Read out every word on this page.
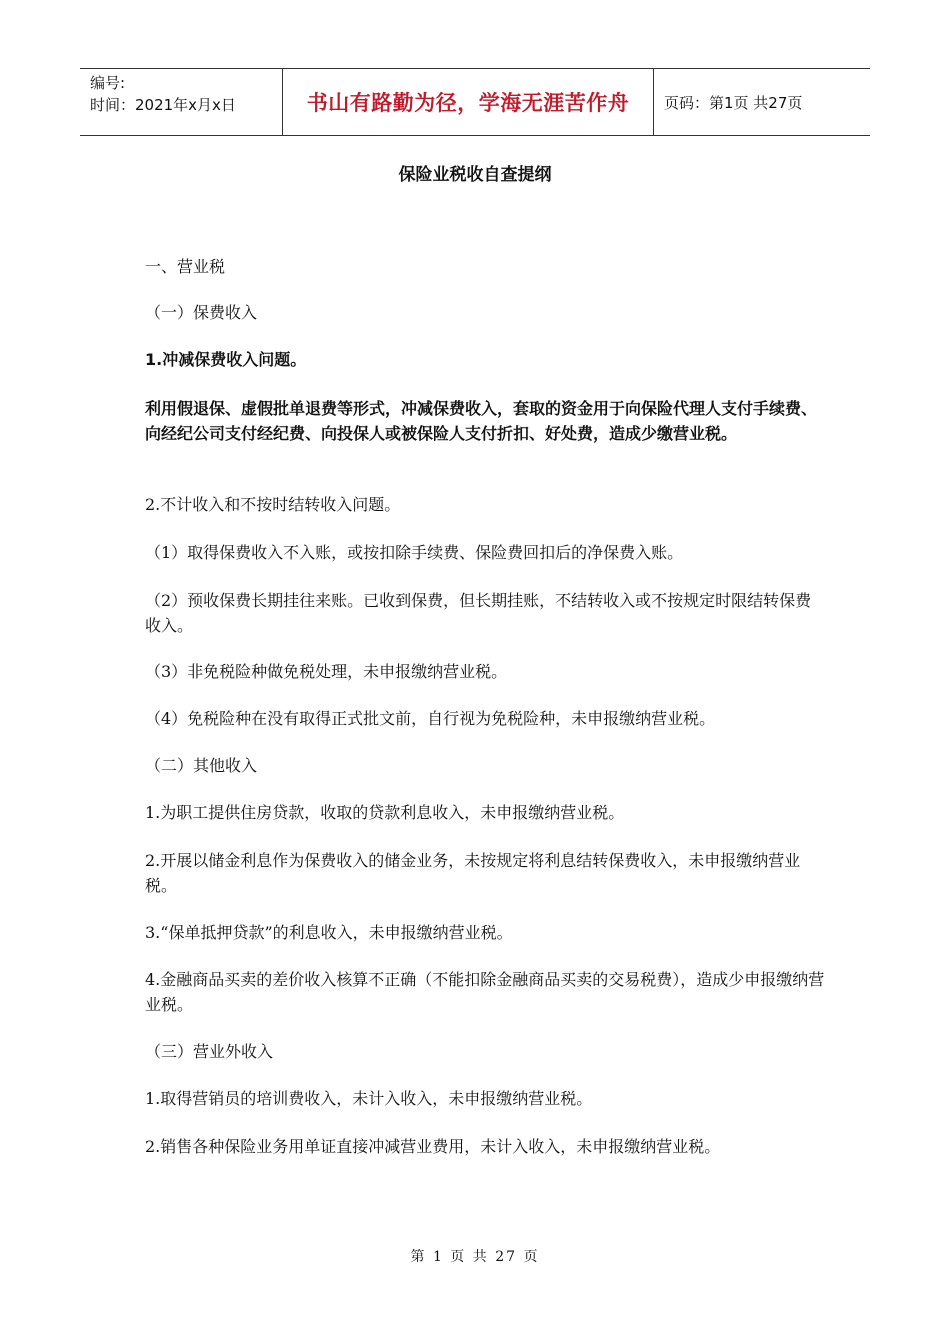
编号:
时间：2021年x月x日	书山有路勤为径，学海无涯苦作舟 页码：第1页 共27页
保险业税收自查提纲

一、营业税

（一）保费收入

1.冲减保费收入问题。

利用假退保、虚假批单退费等形式，冲减保费收入，套取的资金用于向保险代理人支付手续费、向经纪公司支付经纪费、向投保人或被保险人支付折扣、好处费，造成少缴营业税。

2.不计收入和不按时结转收入问题。

（1）取得保费收入不入账，或按扣除手续费、保险费回扣后的净保费入账。

（2）预收保费长期挂往来账。已收到保费，但长期挂账，不结转收入或不按规定时限结转保费收入。

（3）非免税险种做免税处理，未申报缴纳营业税。

（4）免税险种在没有取得正式批文前，自行视为免税险种，未申报缴纳营业税。

（二）其他收入

1.为职工提供住房贷款，收取的贷款利息收入，未申报缴纳营业税。

2.开展以储金利息作为保费收入的储金业务，未按规定将利息结转保费收入，未申报缴纳营业税。

3.“保单抵押贷款”的利息收入，未申报缴纳营业税。

4.金融商品买卖的差价收入核算不正确（不能扣除金融商品买卖的交易税费），造成少申报缴纳营业税。

（三）营业外收入

1.取得营销员的培训费收入，未计入收入，未申报缴纳营业税。

2.销售各种保险业务用单证直接冲减营业费用，未计入收入，未申报缴纳营业税。

第 1 页 共 27 页
